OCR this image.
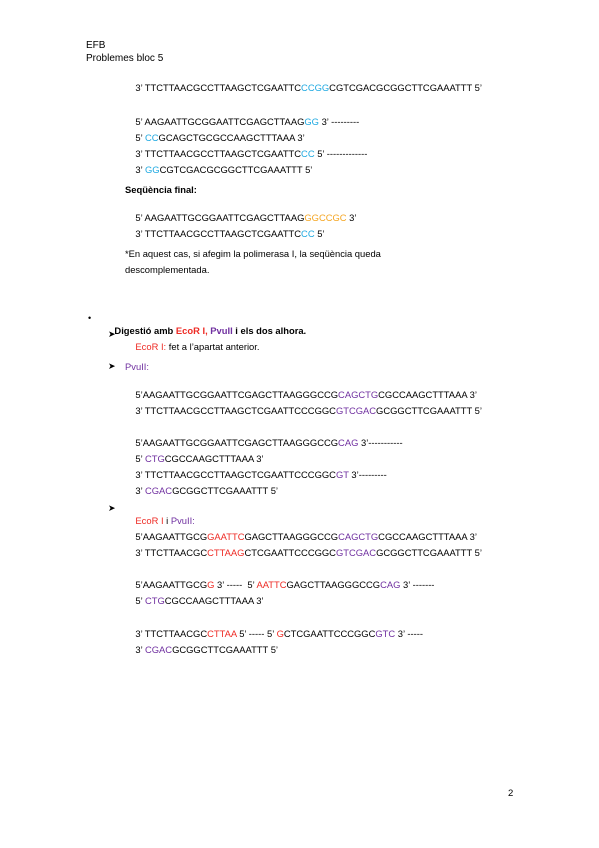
EFB
Problemes bloc 5

3’ TTCTTAACGCCTTAAGCTCGAATTCCCGGCGTCGACGCGGCTTCGAAATTT 5’

5’ AAGAATTGCGGAATTCGAGCTTAAGGG 3’ ---------

5’ CCGCAGCTGCGCCAAGCTTTAAA 3’

3’ TTCTTAACGCCTTAAGCTCGAATTCCC 5’ -------------

3’ GGCGTCGACGCGGCTTCGAAATTT 5’

Seqüència final:

5’ AAGAATTGCGGAATTCGAGCTTAAGGGCCGC 3’

3’ TTCTTAACGCCTTAAGCTCGAATTCCC 5’

*En aquest cas, si afegim la polimerasa I, la seqüència queda
descomplementada.
•

Digestió amb EcoR I, PvuII i els dos alhora.

➤

EcoR I: fet a l’apartat anterior.

➤ PvuII:

5’AAGAATTGCGGAATTCGAGCTTAAGGGCCGCAGCTGCGCCAAGCTTTAAA 3’

3’ TTCTTAACGCCTTAAGCTCGAATTCCCGGCGTCGACGCGGCTTCGAAATTT 5’

5’AAGAATTGCGGAATTCGAGCTTAAGGGCCGCAG 3’-----------

5’ CTGCGCCAAGCTTTAAA 3’

3’ TTCTTAACGCCTTAAGCTCGAATTCCCGGCGT 3’---------

3’ CGACGCGGCTTCGAAATTT 5’

➤

EcoR I i PvuII:

5’AAGAATTGCGGAATTCGAGCTTAAGGGCCGCAGCTGCGCCAAGCTTTAAA 3’

3’ TTCTTAACGCCTTAAGCTCGAATTCCCGGCGTCGACGCGGCTTCGAAATTT 5’

5’AAGAATTGCGG 3’ -----  5’ AATTCGAGCTTAAGGGCCGCAG 3’ -------

5’ CTGCGCCAAGCTTTAAA 3’

3’ TTCTTAACGCCTTAA 5’ ----- 5’ GCTCGAATTCCCGGCGTC 3’ -----

3’ CGACGCGGCTTCGAAATTT 5’

2
